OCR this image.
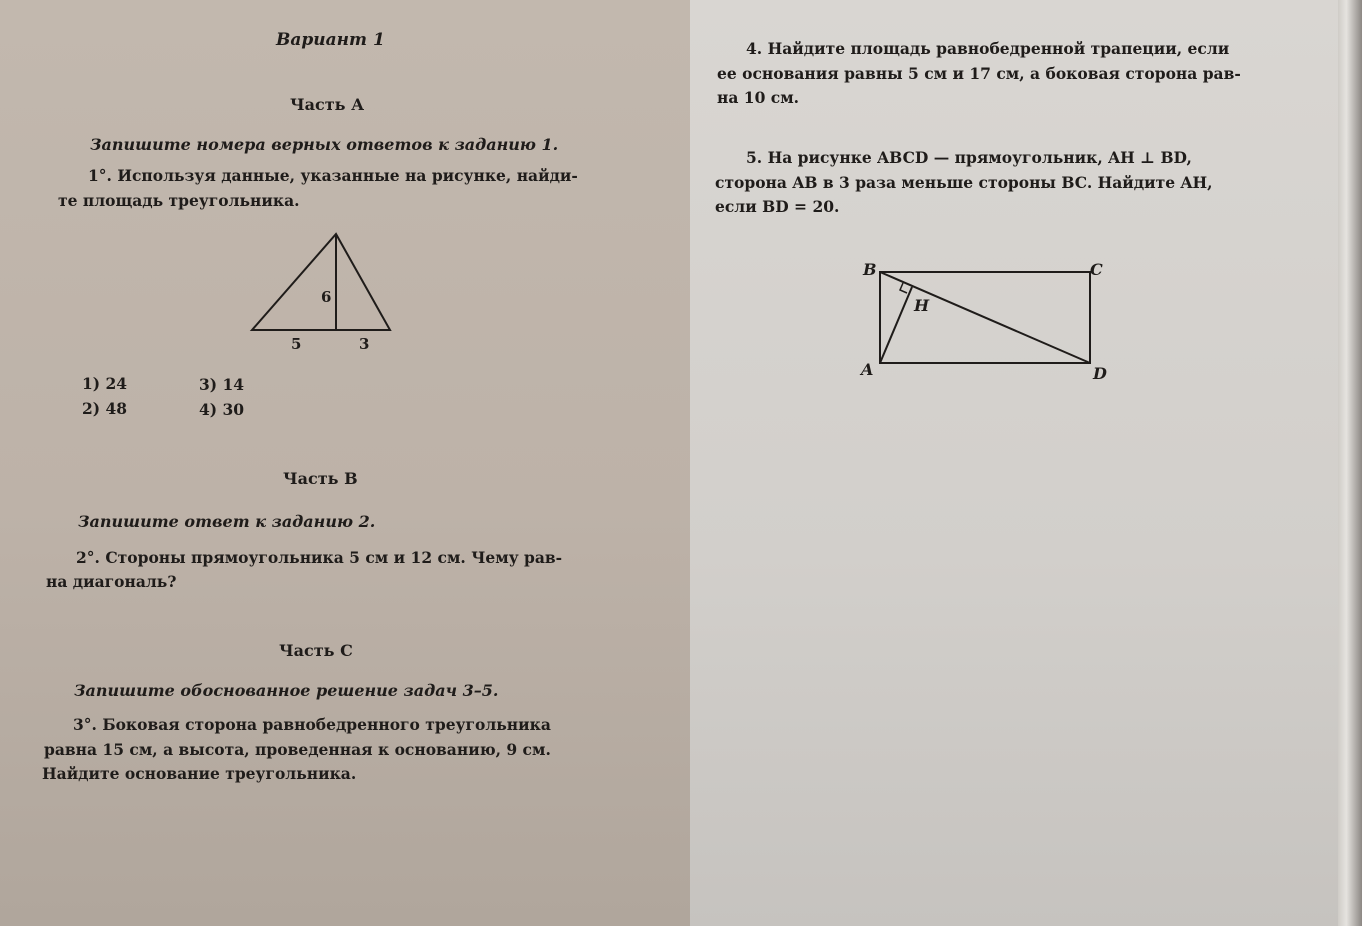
Вариант 1

Часть А

Запишите номера верных ответов к заданию 1.

1°. Используя данные, указанные на рисунке, найди-

те площадь треугольника.

6
5	3

1) 24

2) 48

3) 14

4) 30

Часть В

Запишите ответ к заданию 2.

2°. Стороны прямоугольника 5 см и 12 см. Чему рав-

на диагональ?

Часть С

Запишите обоснованное решение задач 3–5.

3°. Боковая сторона равнобедренного треугольника

равна 15 см, а высота, проведенная к основанию, 9 см.

Найдите основание треугольника.

4. Найдите площадь равнобедренной трапеции, если

ее основания равны 5 см и 17 см, а боковая сторона рав-

на 10 см.

5. На рисунке ABCD — прямоугольник, AH ⊥ BD,

сторона AB в 3 раза меньше стороны BC. Найдите AH,

если BD = 20.

B	C
A	D
H
